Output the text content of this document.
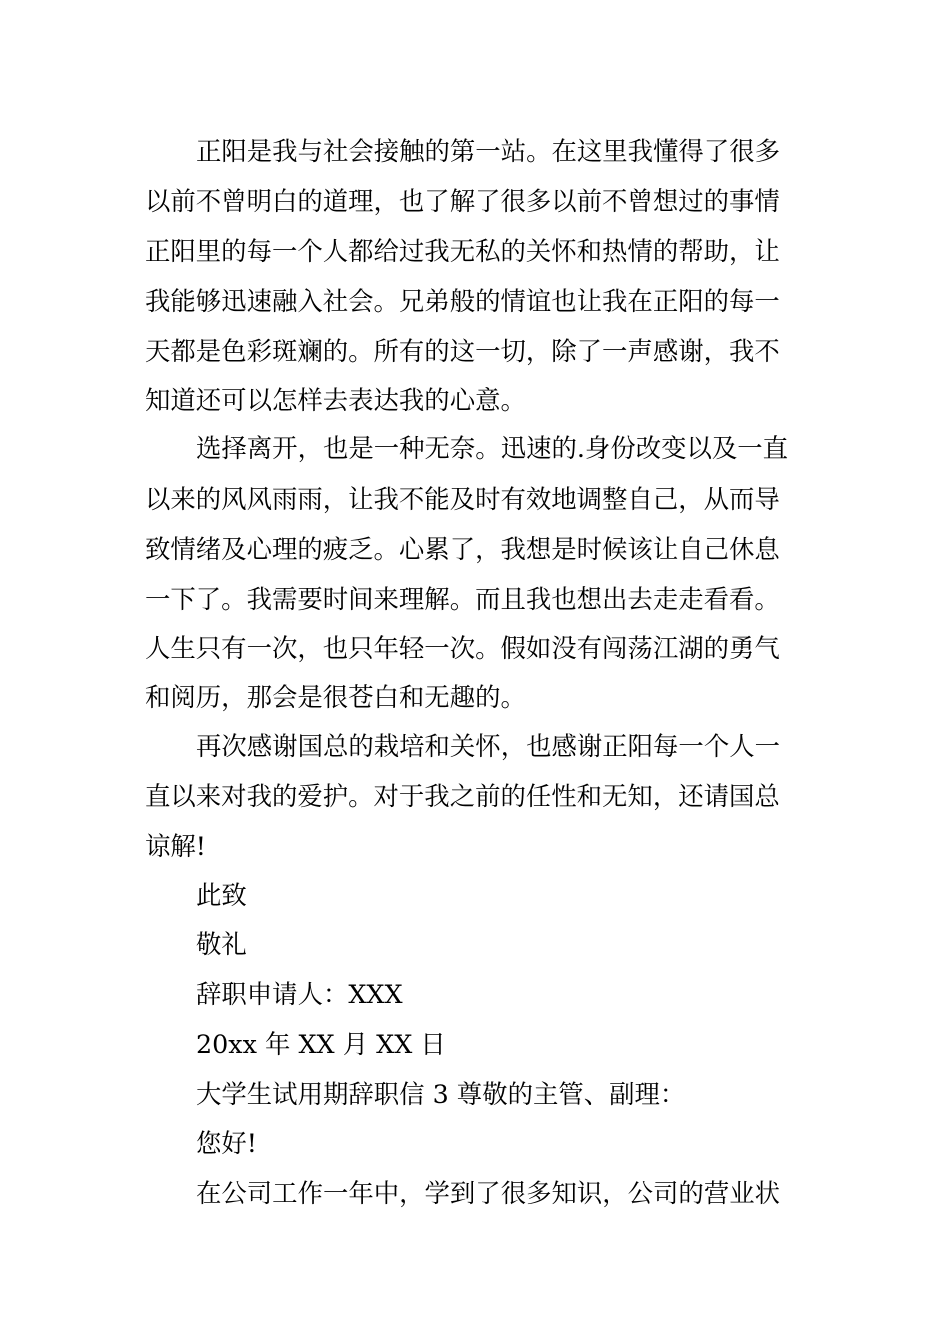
正阳是我与社会接触的第一站。在这里我懂得了很多
以前不曾明白的道理，也了解了很多以前不曾想过的事情
正阳里的每一个人都给过我无私的关怀和热情的帮助，让
我能够迅速融入社会。兄弟般的情谊也让我在正阳的每一
天都是色彩斑斓的。所有的这一切，除了一声感谢，我不
知道还可以怎样去表达我的心意。
选择离开，也是一种无奈。迅速的.身份改变以及一直
以来的风风雨雨，让我不能及时有效地调整自己，从而导
致情绪及心理的疲乏。心累了，我想是时候该让自己休息
一下了。我需要时间来理解。而且我也想出去走走看看。
人生只有一次，也只年轻一次。假如没有闯荡江湖的勇气
和阅历，那会是很苍白和无趣的。
再次感谢国总的栽培和关怀，也感谢正阳每一个人一
直以来对我的爱护。对于我之前的任性和无知，还请国总
谅解!
此致
敬礼
辞职申请人：XXX
20xx 年 XX 月 XX 日
大学生试用期辞职信 3 尊敬的主管、副理：
您好!
在公司工作一年中，学到了很多知识，公司的营业状
